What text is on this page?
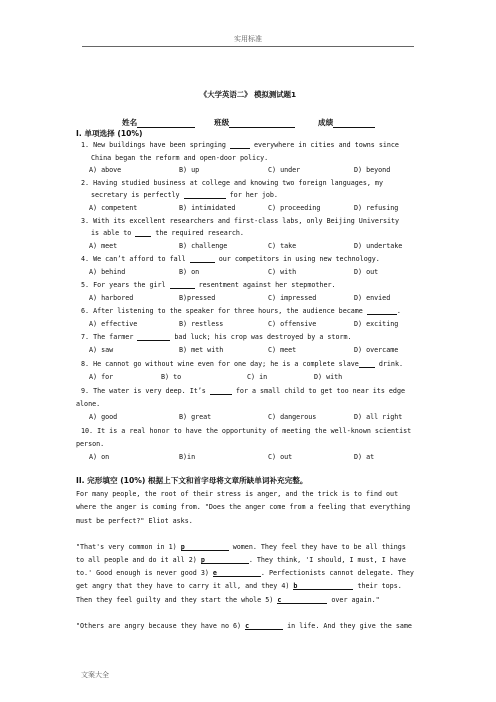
实用标准
《大学英语二》 模拟测试题1
姓名	班级	成绩
I. 单项选择 (10%)
1. New buildings have been springing	everywhere in cities and towns since
China began the reform and open-door policy.
A) above	B) up	C) under	D) beyond
2. Having studied business at college and knowing two foreign languages, my
secretary is perfectly	for her job.
A) competent	B) intimidated	C) proceeding	D) refusing
3. With its excellent researchers and first-class labs, only Beijing University
is able to	the required research.
A) meet	B) challenge	C) take	D) undertake
4. We can’t afford to fall	our competitors in using new technology.
A) behind	B) on	C) with	D) out
5. For years the girl	resentment against her stepmother.
A) harbored	B)pressed	C) impressed	D) envied
6. After listening to the speaker for three hours, the audience became	.
A) effective	B) restless	C) offensive	D) exciting
7. The farmer	bad luck; his crop was destroyed by a storm.
A) saw	B) met with	C) meet	D) overcame
8. He cannot go without wine even for one day; he is a complete slave	drink.
A) for	B) to	C) in	D) with
9. The water is very deep. It’s	for a small child to get too near its edge
alone.
A) good	B) great	C) dangerous	D) all right
10. It is a real honor to have the opportunity of meeting the well-known scientist
person.
A) on	B)in	C) out	D) at
II. 完形填空 (10%) 根据上下文和首字母将文章所缺单词补充完整。
For many people, the root of their stress is anger, and the trick is to find out
where the anger is coming from. "Does the anger come from a feeling that everything
must be perfect?" Eliot asks.
"That's very common in 1) p	women. They feel they have to be all things
to all people and do it all 2) p	. They think, 'I should, I must, I have
to.' Good enough is never good 3) e	. Perfectionists cannot delegate. They
get angry that they have to carry it all, and they 4) b	their tops.
Then they feel guilty and they start the whole 5) c	over again."
"Others are angry because they have no 6) c	in life. And they give the same
文案大全
